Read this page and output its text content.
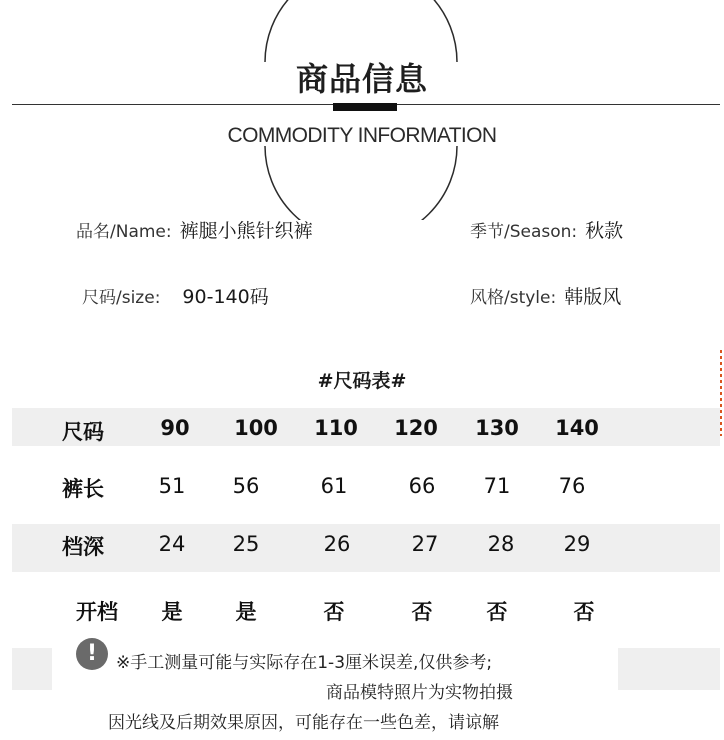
商品信息
COMMODITY INFORMATION
品名/Name: 裤腿小熊针织裤	季节/Season: 秋款
尺码/size: 90-140码	风格/style: 韩版风
#尺码表#
尺码	90	100	110	120	130	140
裤长	51	56	61	66	71	76
档深	24	25	26	27	28	29
开档	是	是	否	否	否	否
!	※手工测量可能与实际存在1-3厘米误差,仅供参考;
商品模特照片为实物拍摄
因光线及后期效果原因，可能存在一些色差，请谅解
